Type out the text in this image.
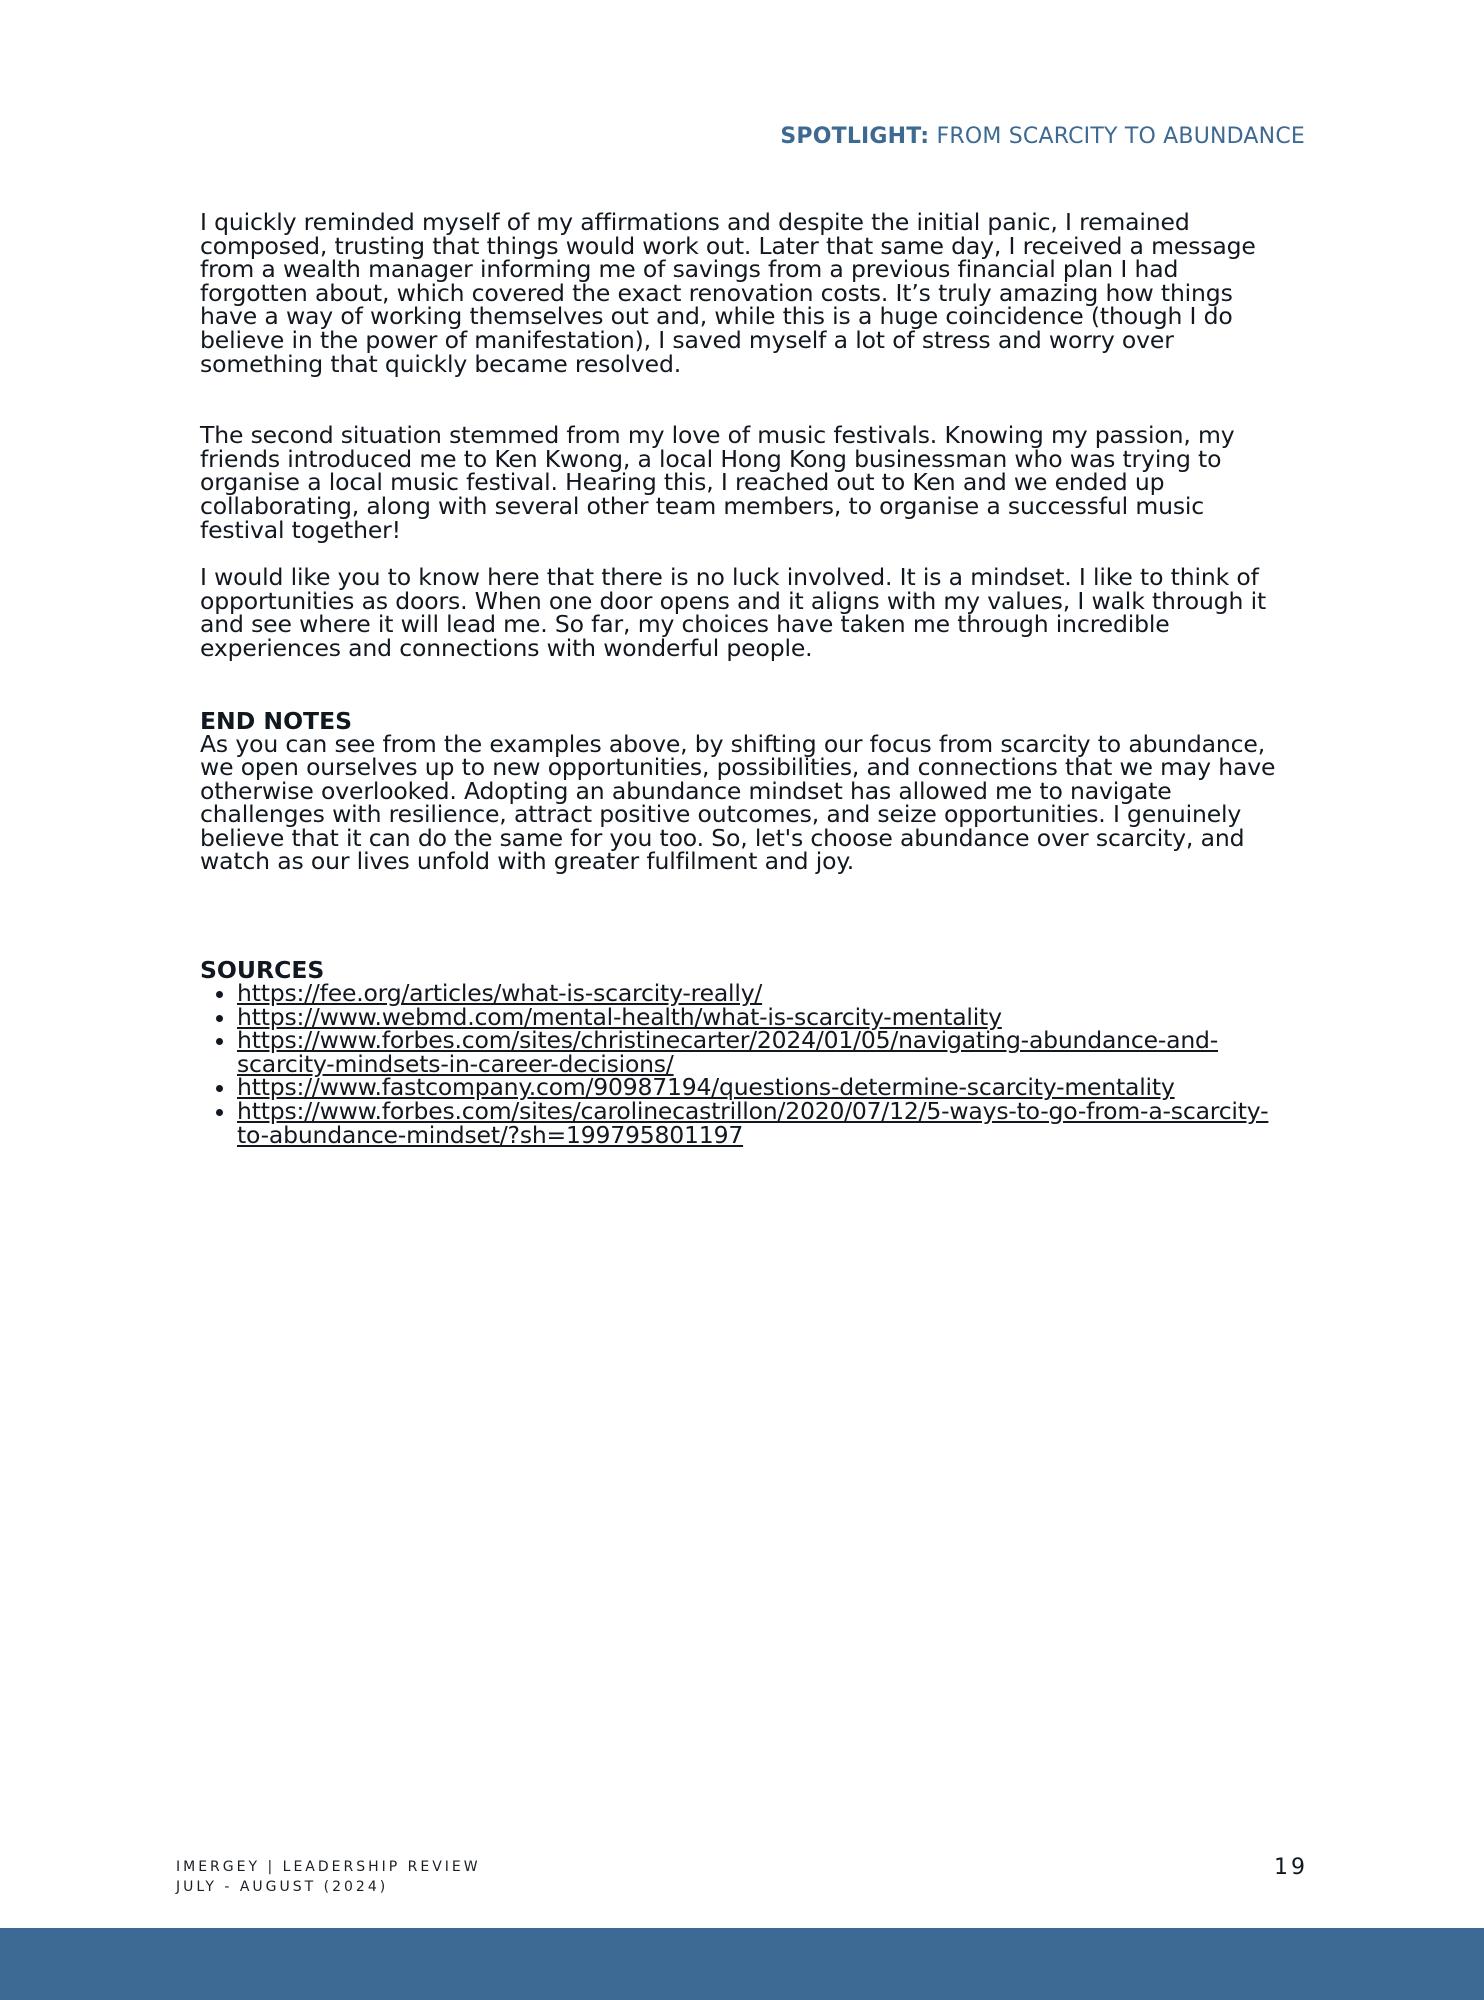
SPOTLIGHT: FROM SCARCITY TO ABUNDANCE

I quickly reminded myself of my affirmations and despite the initial panic, I remained composed, trusting that things would work out. Later that same day, I received a message from a wealth manager informing me of savings from a previous financial plan I had forgotten about, which covered the exact renovation costs. It’s truly amazing how things have a way of working themselves out and, while this is a huge coincidence (though I do believe in the power of manifestation), I saved myself a lot of stress and worry over something that quickly became resolved.

The second situation stemmed from my love of music festivals. Knowing my passion, my friends introduced me to Ken Kwong, a local Hong Kong businessman who was trying to organise a local music festival. Hearing this, I reached out to Ken and we ended up collaborating, along with several other team members, to organise a successful music festival together!

I would like you to know here that there is no luck involved. It is a mindset. I like to think of opportunities as doors. When one door opens and it aligns with my values, I walk through it and see where it will lead me. So far, my choices have taken me through incredible experiences and connections with wonderful people.

END NOTES

As you can see from the examples above, by shifting our focus from scarcity to abundance, we open ourselves up to new opportunities, possibilities, and connections that we may have otherwise overlooked. Adopting an abundance mindset has allowed me to navigate challenges with resilience, attract positive outcomes, and seize opportunities. I genuinely believe that it can do the same for you too. So, let's choose abundance over scarcity, and watch as our lives unfold with greater fulfilment and joy.

SOURCES

• https://fee.org/articles/what-is-scarcity-really/
• https://www.webmd.com/mental-health/what-is-scarcity-mentality
• https://www.forbes.com/sites/christinecarter/2024/01/05/navigating-abundance-and-scarcity-mindsets-in-career-decisions/
• https://www.fastcompany.com/90987194/questions-determine-scarcity-mentality
• https://www.forbes.com/sites/carolinecastrillon/2020/07/12/5-ways-to-go-from-a-scarcity-to-abundance-mindset/?sh=199795801197
IMERGEY | LEADERSHIP REVIEW
JULY - AUGUST (2024)
19
